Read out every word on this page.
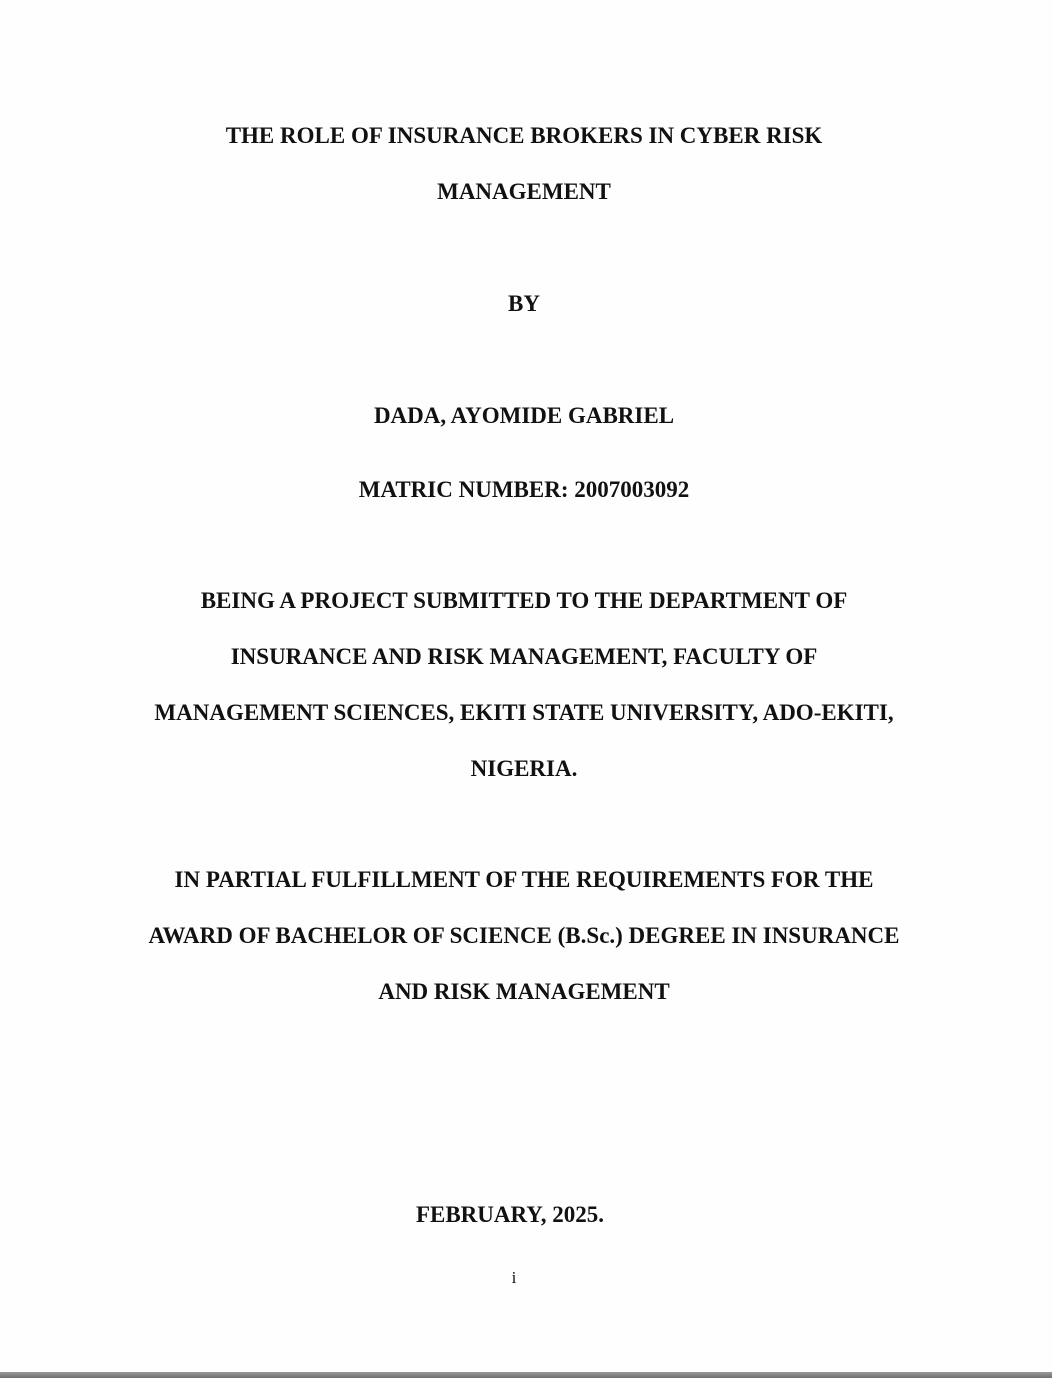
THE ROLE OF INSURANCE BROKERS IN CYBER RISK
MANAGEMENT
BY
DADA, AYOMIDE GABRIEL
MATRIC NUMBER: 2007003092
BEING A PROJECT SUBMITTED TO THE DEPARTMENT OF
INSURANCE AND RISK MANAGEMENT, FACULTY OF
MANAGEMENT SCIENCES, EKITI STATE UNIVERSITY, ADO-EKITI,
NIGERIA.
IN PARTIAL FULFILLMENT OF THE REQUIREMENTS FOR THE
AWARD OF BACHELOR OF SCIENCE (B.Sc.) DEGREE IN INSURANCE
AND RISK MANAGEMENT
FEBRUARY, 2025.
i
